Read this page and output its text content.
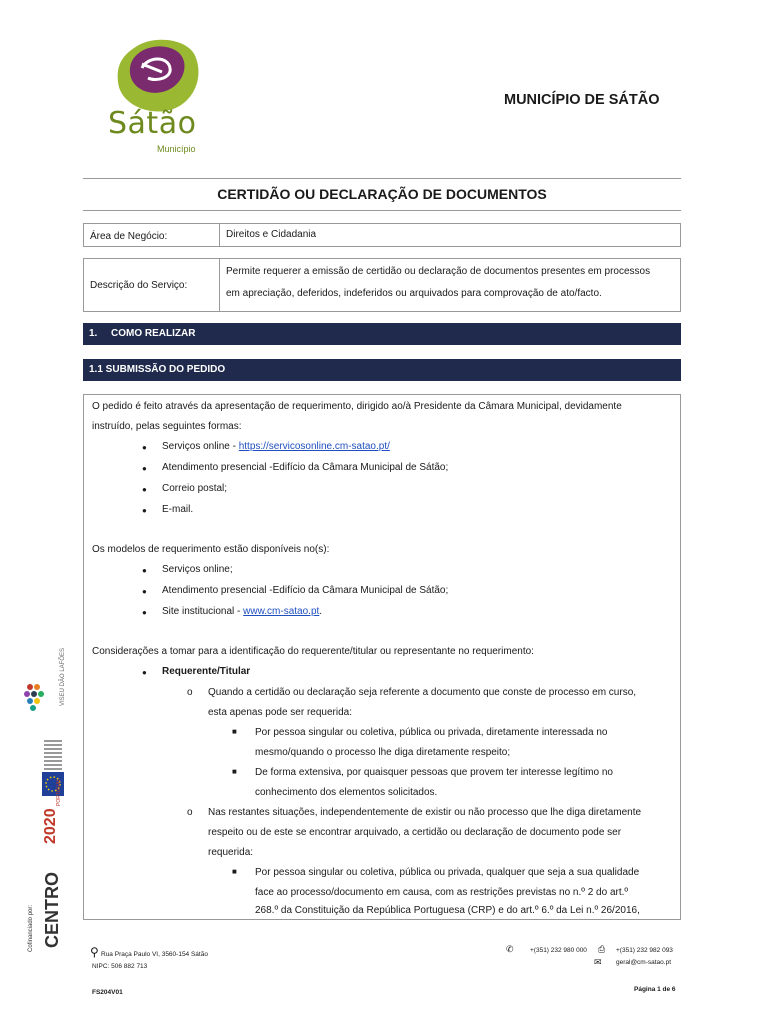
Sátão
Município
MUNICÍPIO DE SÁTÃO
CERTIDÃO OU DECLARAÇÃO DE DOCUMENTOS
Área de Negócio:	Direitos e Cidadania
Descrição do Serviço:
Permite requerer a emissão de certidão ou declaração de documentos presentes em processos
em apreciação, deferidos, indeferidos ou arquivados para comprovação de ato/facto.
1. COMO REALIZAR
1.1 SUBMISSÃO DO PEDIDO
O pedido é feito através da apresentação de requerimento, dirigido ao/à Presidente da Câmara Municipal, devidamente
instruído, pelas seguintes formas:
● Serviços online - https://servicosonline.cm-satao.pt/
● Atendimento presencial -Edifício da Câmara Municipal de Sátão;
● Correio postal;
● E-mail.
Os modelos de requerimento estão disponíveis no(s):
● Serviços online;
● Atendimento presencial -Edifício da Câmara Municipal de Sátão;
● Site institucional - www.cm-satao.pt.
Considerações a tomar para a identificação do requerente/titular ou representante no requerimento:
● Requerente/Titular
o Quando a certidão ou declaração seja referente a documento que conste de processo em curso,
esta apenas pode ser requerida:
■ Por pessoa singular ou coletiva, pública ou privada, diretamente interessada no
mesmo/quando o processo lhe diga diretamente respeito;
■ De forma extensiva, por quaisquer pessoas que provem ter interesse legítimo no
conhecimento dos elementos solicitados.
o Nas restantes situações, independentemente de existir ou não processo que lhe diga diretamente
respeito ou de este se encontrar arquivado, a certidão ou declaração de documento pode ser
requerida:
■ Por pessoa singular ou coletiva, pública ou privada, qualquer que seja a sua qualidade
face ao processo/documento em causa, com as restrições previstas no n.º 2 do art.º
268.º da Constituição da República Portuguesa (CRP) e do art.º 6.º da Lei n.º 26/2016,
VISEU DÃO LAFÕES
PORTUGAL
2020
CENTRO
Cofinanciado por:	⚲ Rua Praça Paulo VI, 3560-154 Sátão
NIPC: 506 882 713
✆	+(351) 232 980 000 ⎙ +(351) 232 982 093
✉ geral@cm-satao.pt
FS204V01	Página 1 de 6
